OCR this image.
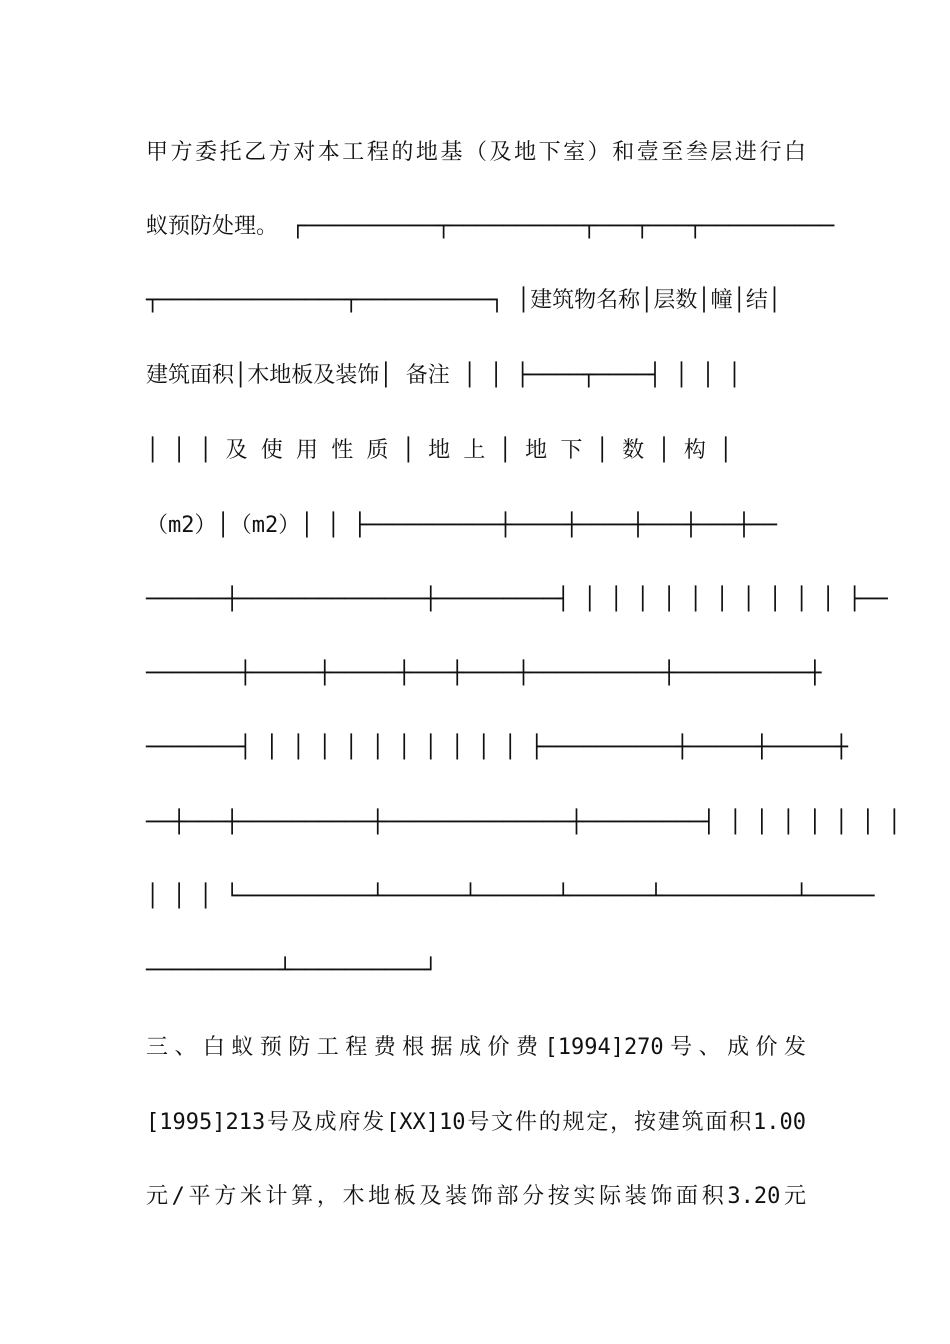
甲方委托乙方对本工程的地基（及地下室）和壹至叁层进行白
蚁预防处理。 ┌──────────┬──────────┬───┬───┬──────────
┬──────────────┬──────────┐ │建筑物名称│层数│幢│结│
建筑面积│木地板及装饰│ 备注 │ │ ├────┬────┤ │ │ │
│ │ │ 及 使 用 性 质 │ 地 上 │ 地 下 │ 数 │ 构 │
（m2）│（m2）│ │ ├──────────┼────┼────┼───┼───┼──
──────┼──────────────┼─────────┤ │ │ │ │ │ │ │ │ │ │ ├──
───────┼─────┼─────┼───┼────┼──────────┼──────────┼
───────┤ │ │ │ │ │ │ │ │ │ │ ├──────────┼─────┼─────┼
──┼───┼──────────┼──────────────┼─────────┤ │ │ │ │ │ │ │
│ │ │ └──────────┴──────┴──────┴──────┴──────────┴─────
──────────┴──────────┘
三、白蚁预防工程费根据成价费[1994]270号、成价发
[1995]213号及成府发[XX]10号文件的规定，按建筑面积1.00
元/平方米计算，木地板及装饰部分按实际装饰面积3.20元
